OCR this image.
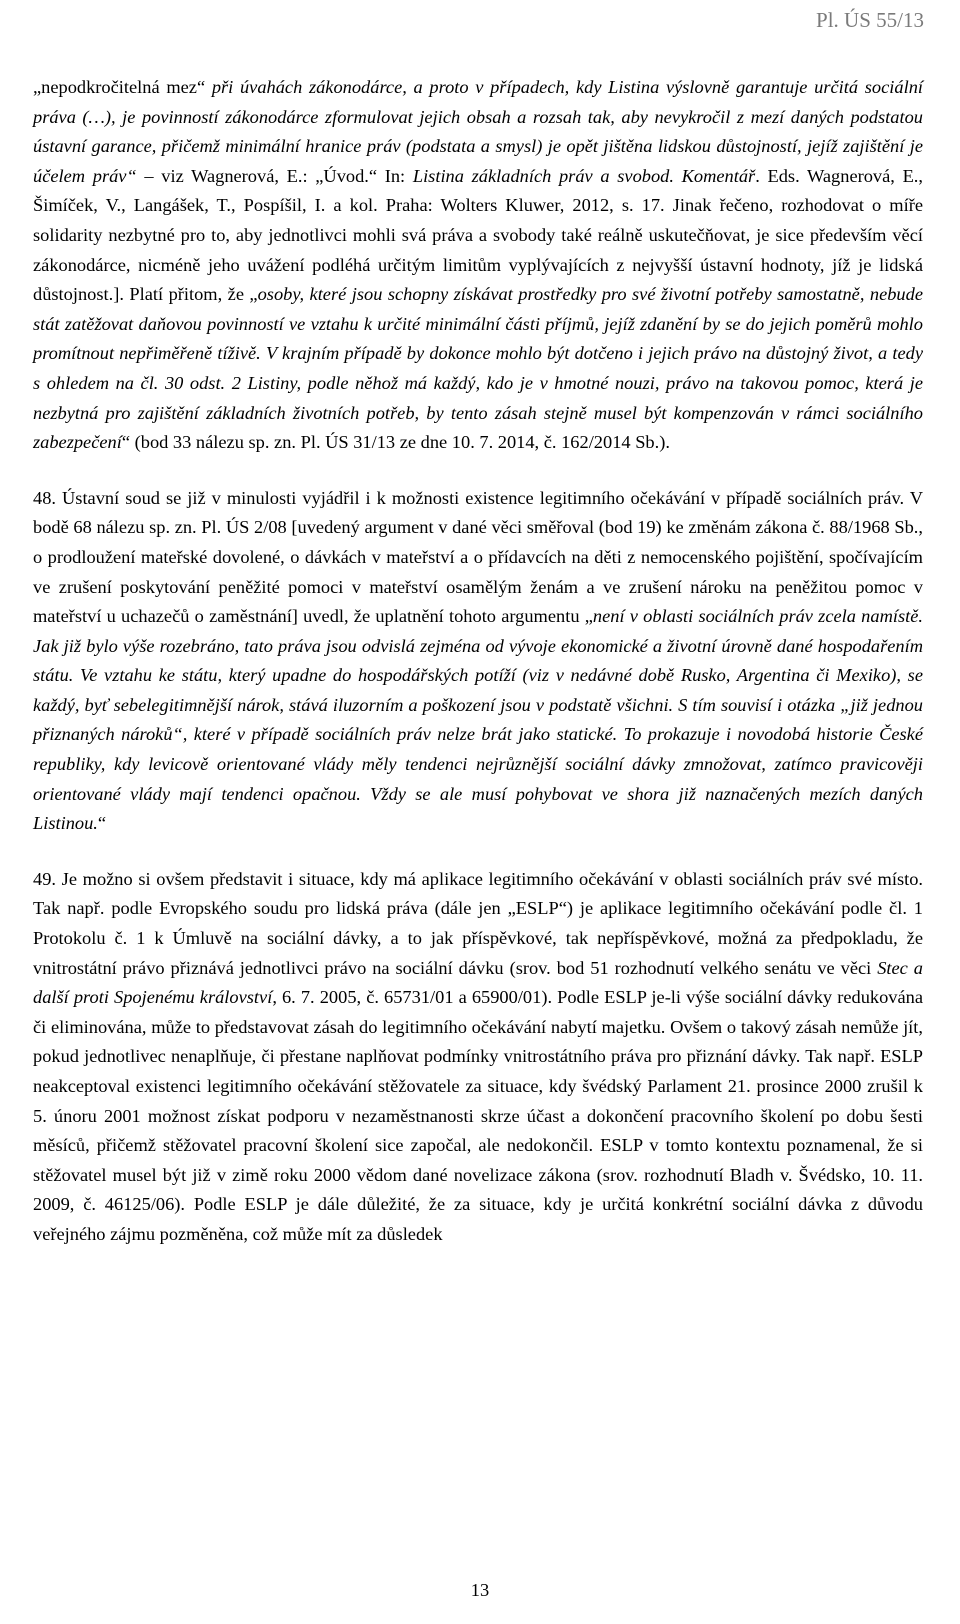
Pl. ÚS 55/13

„nepodkročitelná mez“ při úvahách zákonodárce, a proto v případech, kdy Listina výslovně garantuje určitá sociální práva (…), je povinností zákonodárce zformulovat jejich obsah a rozsah tak, aby nevykročil z mezí daných podstatou ústavní garance, přičemž minimální hranice práv (podstata a smysl) je opět jištěna lidskou důstojností, jejíž zajištění je účelem práv“ – viz Wagnerová, E.: „Úvod.“ In: Listina základních práv a svobod. Komentář. Eds. Wagnerová, E., Šimíček, V., Langášek, T., Pospíšil, I. a kol. Praha: Wolters Kluwer, 2012, s. 17. Jinak řečeno, rozhodovat o míře solidarity nezbytné pro to, aby jednotlivci mohli svá práva a svobody také reálně uskutečňovat, je sice především věcí zákonodárce, nicméně jeho uvážení podléhá určitým limitům vyplývajících z nejvyšší ústavní hodnoty, jíž je lidská důstojnost.]. Platí přitom, že „osoby, které jsou schopny získávat prostředky pro své životní potřeby samostatně, nebude stát zatěžovat daňovou povinností ve vztahu k určité minimální části příjmů, jejíž zdanění by se do jejich poměrů mohlo promítnout nepřiměřeně tíživě. V krajním případě by dokonce mohlo být dotčeno i jejich právo na důstojný život, a tedy s ohledem na čl. 30 odst. 2 Listiny, podle něhož má každý, kdo je v hmotné nouzi, právo na takovou pomoc, která je nezbytná pro zajištění základních životních potřeb, by tento zásah stejně musel být kompenzován v rámci sociálního zabezpečení“ (bod 33 nálezu sp. zn. Pl. ÚS 31/13 ze dne 10. 7. 2014, č. 162/2014 Sb.).

48. Ústavní soud se již v minulosti vyjádřil i k možnosti existence legitimního očekávání v případě sociálních práv. V bodě 68 nálezu sp. zn. Pl. ÚS 2/08 [uvedený argument v dané věci směřoval (bod 19) ke změnám zákona č. 88/1968 Sb., o prodloužení mateřské dovolené, o dávkách v mateřství a o přídavcích na děti z nemocenského pojištění, spočívajícím ve zrušení poskytování peněžité pomoci v mateřství osamělým ženám a ve zrušení nároku na peněžitou pomoc v mateřství u uchazečů o zaměstnání] uvedl, že uplatnění tohoto argumentu „není v oblasti sociálních práv zcela namístě. Jak již bylo výše rozebráno, tato práva jsou odvislá zejména od vývoje ekonomické a životní úrovně dané hospodařením státu. Ve vztahu ke státu, který upadne do hospodářských potíží (viz v nedávné době Rusko, Argentina či Mexiko), se každý, byť sebelegitimnější nárok, stává iluzorním a poškození jsou v podstatě všichni. S tím souvisí i otázka „již jednou přiznaných nároků“, které v případě sociálních práv nelze brát jako statické. To prokazuje i novodobá historie České republiky, kdy levicově orientované vlády měly tendenci nejrůznější sociální dávky zmnožovat, zatímco pravicověji orientované vlády mají tendenci opačnou. Vždy se ale musí pohybovat ve shora již naznačených mezích daných Listinou.“

49. Je možno si ovšem představit i situace, kdy má aplikace legitimního očekávání v oblasti sociálních práv své místo. Tak např. podle Evropského soudu pro lidská práva (dále jen „ESLP“) je aplikace legitimního očekávání podle čl. 1 Protokolu č. 1 k Úmluvě na sociální dávky, a to jak příspěvkové, tak nepříspěvkové, možná za předpokladu, že vnitrostátní právo přiznává jednotlivci právo na sociální dávku (srov. bod 51 rozhodnutí velkého senátu ve věci Stec a další proti Spojenému království, 6. 7. 2005, č. 65731/01 a 65900/01). Podle ESLP je-li výše sociální dávky redukována či eliminována, může to představovat zásah do legitimního očekávání nabytí majetku. Ovšem o takový zásah nemůže jít, pokud jednotlivec nenaplňuje, či přestane naplňovat podmínky vnitrostátního práva pro přiznání dávky. Tak např. ESLP neakceptoval existenci legitimního očekávání stěžovatele za situace, kdy švédský Parlament 21. prosince 2000 zrušil k 5. únoru 2001 možnost získat podporu v nezaměstnanosti skrze účast a dokončení pracovního školení po dobu šesti měsíců, přičemž stěžovatel pracovní školení sice započal, ale nedokončil. ESLP v tomto kontextu poznamenal, že si stěžovatel musel být již v zimě roku 2000 vědom dané novelizace zákona (srov. rozhodnutí Bladh v. Švédsko, 10. 11. 2009, č. 46125/06). Podle ESLP je dále důležité, že za situace, kdy je určitá konkrétní sociální dávka z důvodu veřejného zájmu pozměněna, což může mít za důsledek

13
